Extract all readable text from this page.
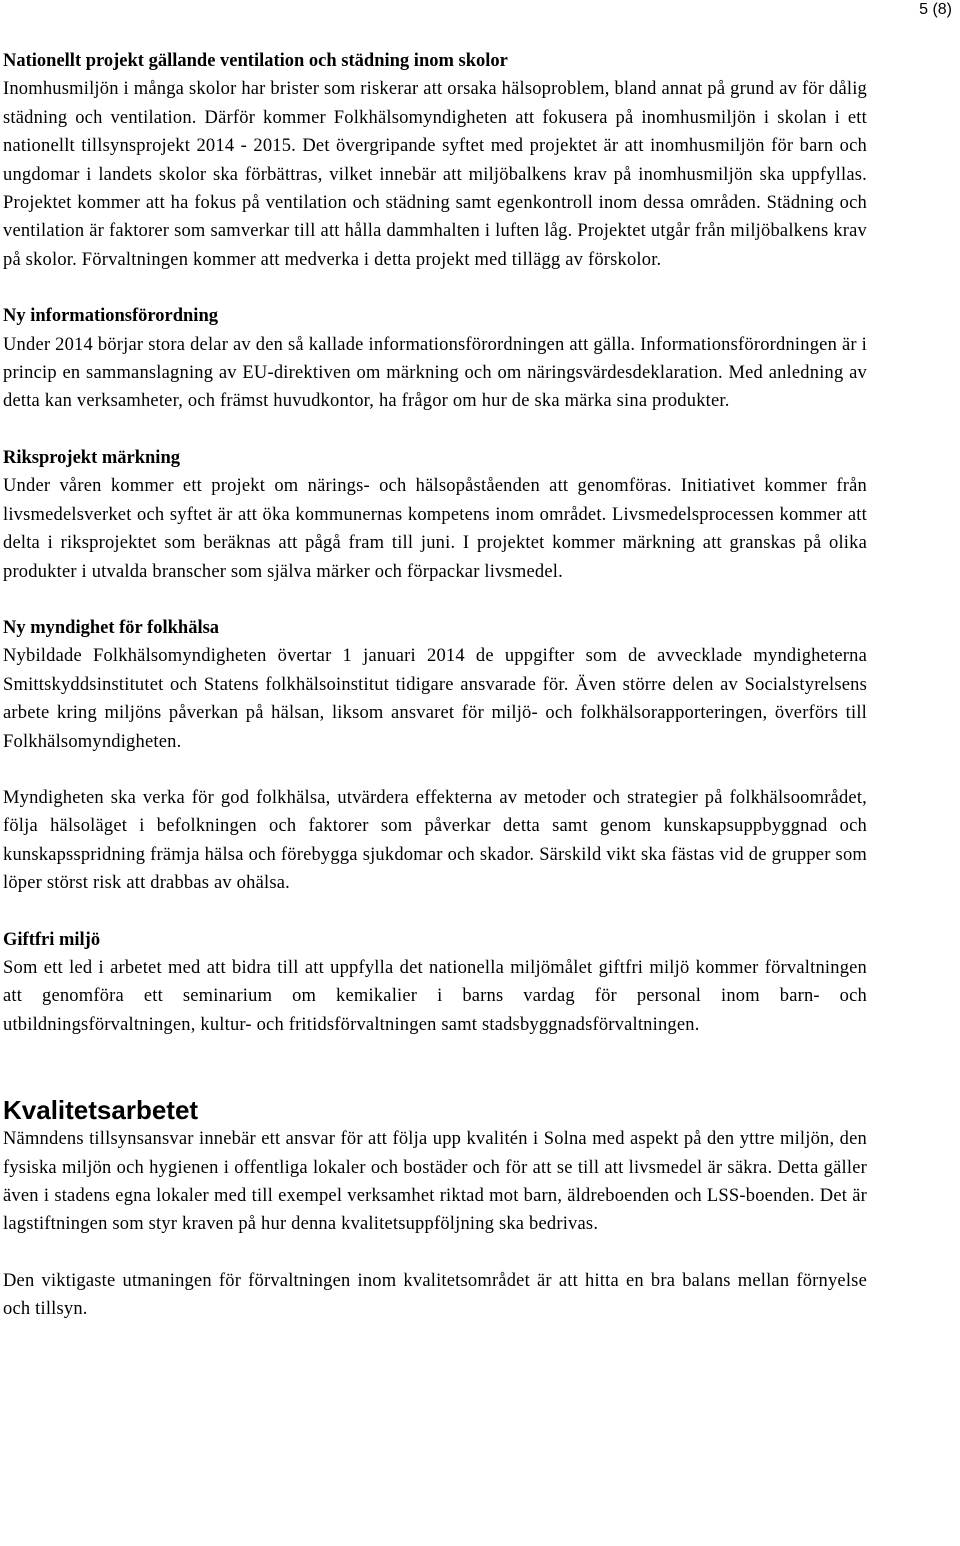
5 (8)
Nationellt projekt gällande ventilation och städning inom skolor

Inomhusmiljön i många skolor har brister som riskerar att orsaka hälsoproblem, bland annat på grund av för dålig städning och ventilation. Därför kommer Folkhälsomyndigheten att fokusera på inomhusmiljön i skolan i ett nationellt tillsynsprojekt 2014 - 2015. Det övergripande syftet med projektet är att inomhusmiljön för barn och ungdomar i landets skolor ska förbättras, vilket innebär att miljöbalkens krav på inomhusmiljön ska uppfyllas. Projektet kommer att ha fokus på ventilation och städning samt egenkontroll inom dessa områden. Städning och ventilation är faktorer som samverkar till att hålla dammhalten i luften låg. Projektet utgår från miljöbalkens krav på skolor. Förvaltningen kommer att medverka i detta projekt med tillägg av förskolor.

Ny informationsförordning

Under 2014 börjar stora delar av den så kallade informationsförordningen att gälla. Informationsförordningen är i princip en sammanslagning av EU-direktiven om märkning och om näringsvärdesdeklaration. Med anledning av detta kan verksamheter, och främst huvudkontor, ha frågor om hur de ska märka sina produkter.

Riksprojekt märkning

Under våren kommer ett projekt om närings- och hälsopåståenden att genomföras. Initiativet kommer från livsmedelsverket och syftet är att öka kommunernas kompetens inom området. Livsmedelsprocessen kommer att delta i riksprojektet som beräknas att pågå fram till juni. I projektet kommer märkning att granskas på olika produkter i utvalda branscher som själva märker och förpackar livsmedel.

Ny myndighet för folkhälsa

Nybildade Folkhälsomyndigheten övertar 1 januari 2014 de uppgifter som de avvecklade myndigheterna Smittskyddsinstitutet och Statens folkhälsoinstitut tidigare ansvarade för. Även större delen av Socialstyrelsens arbete kring miljöns påverkan på hälsan, liksom ansvaret för miljö- och folkhälsorapporteringen, överförs till Folkhälsomyndigheten.

Myndigheten ska verka för god folkhälsa, utvärdera effekterna av metoder och strategier på folkhälsoområdet, följa hälsoläget i befolkningen och faktorer som påverkar detta samt genom kunskapsuppbyggnad och kunskapsspridning främja hälsa och förebygga sjukdomar och skador. Särskild vikt ska fästas vid de grupper som löper störst risk att drabbas av ohälsa.

Giftfri miljö

Som ett led i arbetet med att bidra till att uppfylla det nationella miljömålet giftfri miljö kommer förvaltningen att genomföra ett seminarium om kemikalier i barns vardag för personal inom barn- och utbildningsförvaltningen, kultur- och fritidsförvaltningen samt stadsbyggnadsförvaltningen.

Kvalitetsarbetet

Nämndens tillsynsansvar innebär ett ansvar för att följa upp kvalitén i Solna med aspekt på den yttre miljön, den fysiska miljön och hygienen i offentliga lokaler och bostäder och för att se till att livsmedel är säkra. Detta gäller även i stadens egna lokaler med till exempel verksamhet riktad mot barn, äldreboenden och LSS-boenden. Det är lagstiftningen som styr kraven på hur denna kvalitetsuppföljning ska bedrivas.

Den viktigaste utmaningen för förvaltningen inom kvalitetsområdet är att hitta en bra balans mellan förnyelse och tillsyn.
